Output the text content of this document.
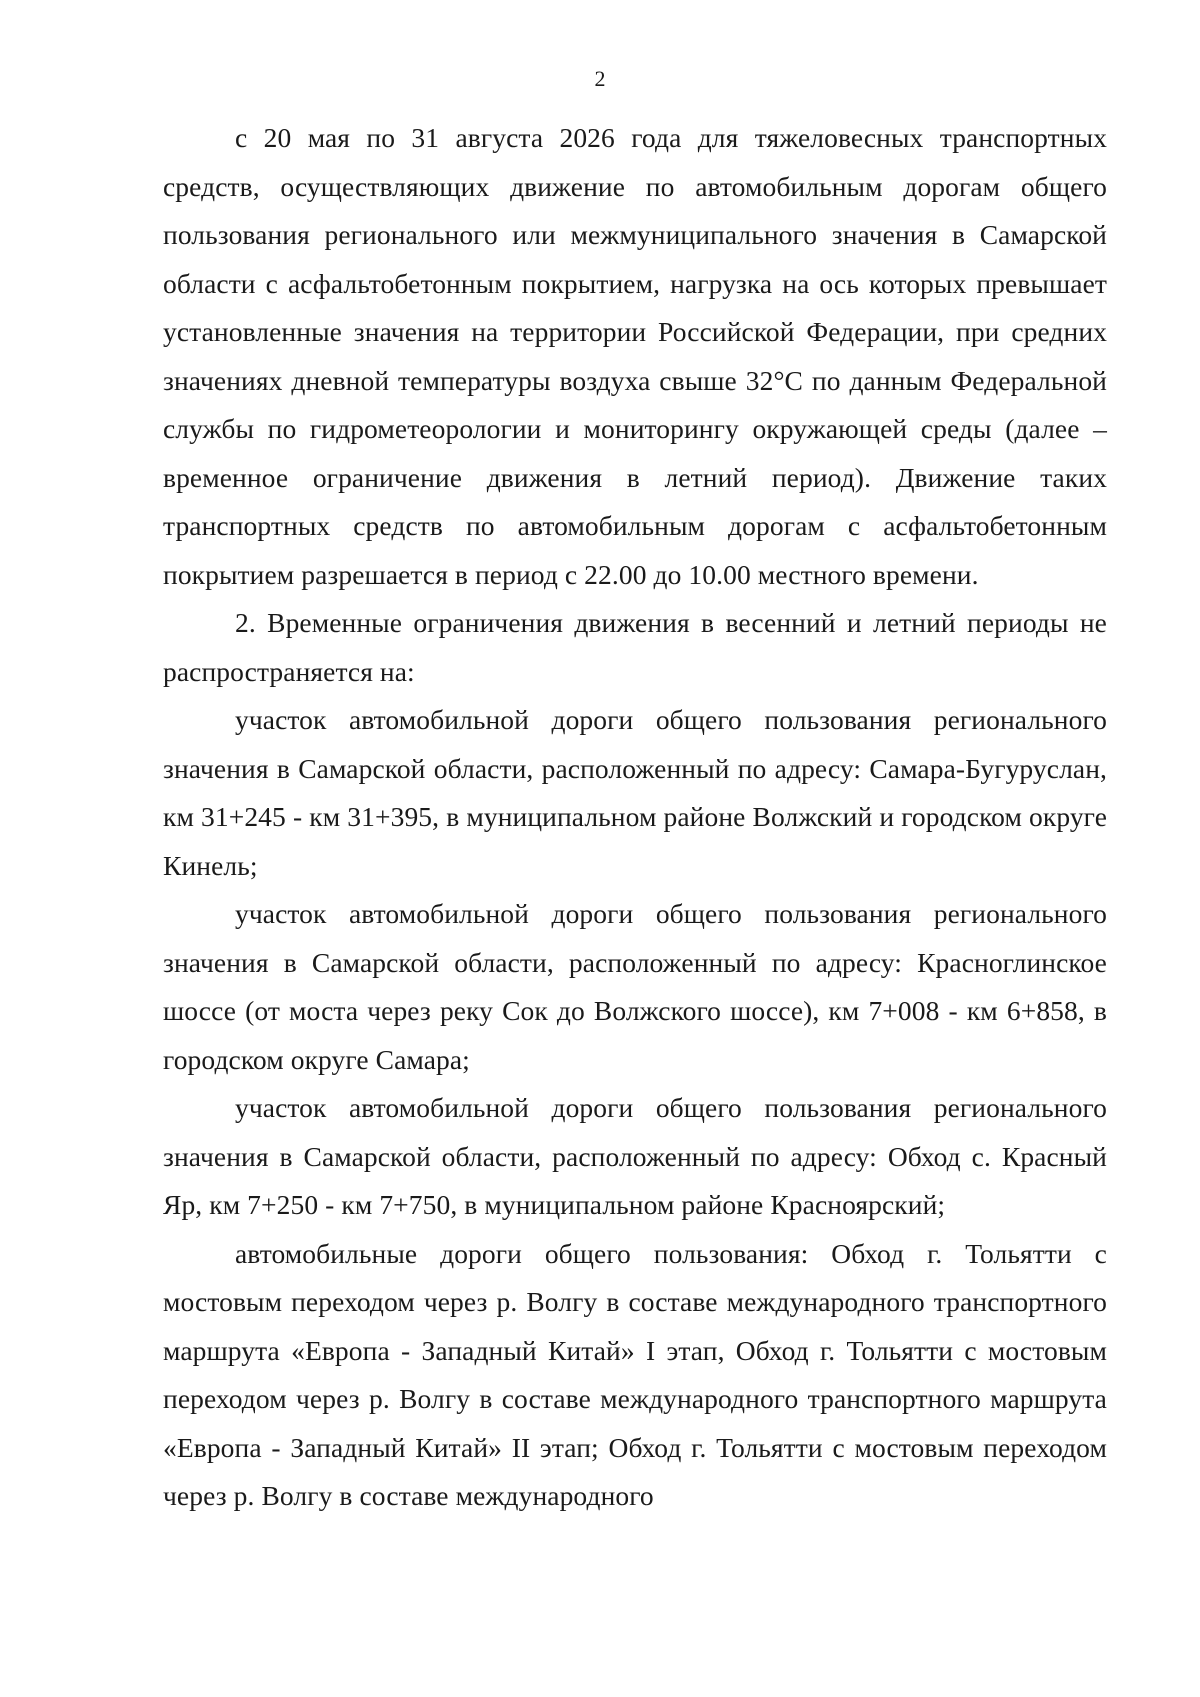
2

с 20 мая по 31 августа 2026 года для тяжеловесных транспортных средств, осуществляющих движение по автомобильным дорогам общего пользования регионального или межмуниципального значения в Самарской области с асфальтобетонным покрытием, нагрузка на ось которых превышает установленные значения на территории Российской Федерации, при средних значениях дневной температуры воздуха свыше 32°С по данным Федеральной службы по гидрометеорологии и мониторингу окружающей среды (далее – временное ограничение движения в летний период). Движение таких транспортных средств по автомобильным дорогам с асфальтобетонным покрытием разрешается в период с 22.00 до 10.00 местного времени.

2. Временные ограничения движения в весенний и летний периоды не распространяется на:

участок автомобильной дороги общего пользования регионального значения в Самарской области, расположенный по адресу: Самара-Бугуруслан, км 31+245 - км 31+395, в муниципальном районе Волжский и городском округе Кинель;

участок автомобильной дороги общего пользования регионального значения в Самарской области, расположенный по адресу: Красноглинское шоссе (от моста через реку Сок до Волжского шоссе), км 7+008 - км 6+858, в городском округе Самара;

участок автомобильной дороги общего пользования регионального значения в Самарской области, расположенный по адресу: Обход с. Красный Яр, км 7+250 - км 7+750, в муниципальном районе Красноярский;

автомобильные дороги общего пользования: Обход г. Тольятти с мостовым переходом через р. Волгу в составе международного транспортного маршрута «Европа - Западный Китай» I этап, Обход г. Тольятти с мостовым переходом через р. Волгу в составе международного транспортного маршрута «Европа - Западный Китай» II этап; Обход г. Тольятти с мостовым переходом через р. Волгу в составе международного
